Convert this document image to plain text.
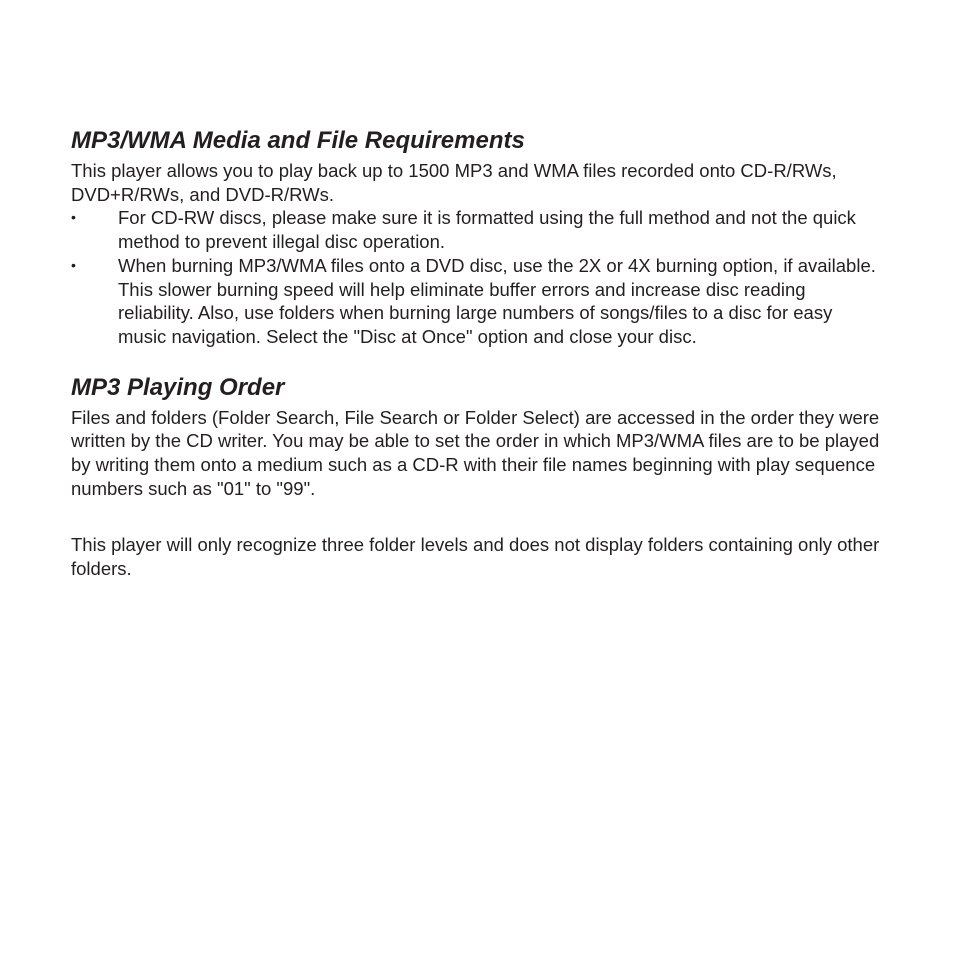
MP3/WMA Media and File Requirements

This player allows you to play back up to 1500 MP3 and WMA files recorded onto CD-R/RWs, DVD+R/RWs, and DVD-R/RWs.

• For CD-RW discs, please make sure it is formatted using the full method and not the quick method to prevent illegal disc operation.
• When burning MP3/WMA files onto a DVD disc, use the 2X or 4X burning option, if available. This slower burning speed will help eliminate buffer errors and increase disc reading reliability. Also, use folders when burning large numbers of songs/files to a disc for easy music navigation. Select the "Disc at Once" option and close your disc.
MP3 Playing Order

Files and folders (Folder Search, File Search or Folder Select) are accessed in the order they were written by the CD writer. You may be able to set the order in which MP3/WMA files are to be played by writing them onto a medium such as a CD-R with their file names beginning with play sequence numbers such as "01" to "99".

This player will only recognize three folder levels and does not display folders containing only other folders.
